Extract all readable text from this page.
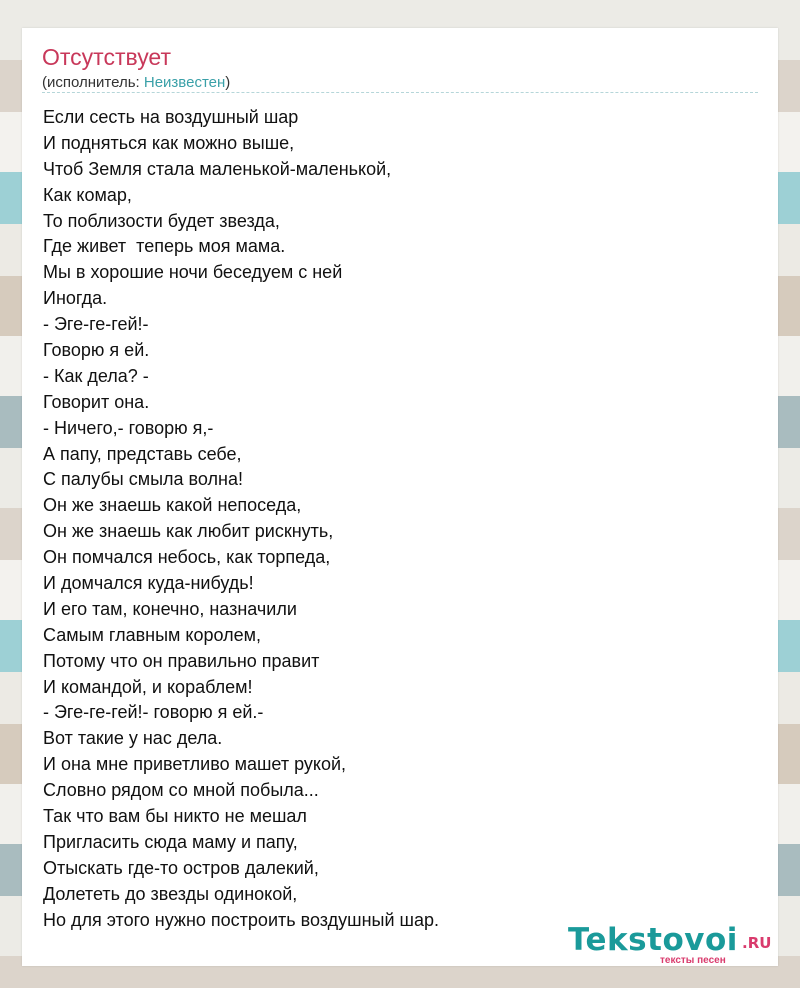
Отсутствует
(исполнитель: Неизвестен)
Если сесть на воздушный шар
И подняться как можно выше,
Чтоб Земля стала маленькой-маленькой,
Как комар,
То поблизости будет звезда,
Где живет  теперь моя мама.
Мы в хорошие ночи беседуем с ней
Иногда.
- Эге-ге-гей!-
Говорю я ей.
- Как дела? -
Говорит она.
- Ничего,- говорю я,-
А папу, представь себе,
С палубы смыла волна!
Он же знаешь какой непоседа,
Он же знаешь как любит рискнуть,
Он помчался небось, как торпеда,
И домчался куда-нибудь!
И его там, конечно, назначили
Самым главным королем,
Потому что он правильно правит
И командой, и кораблем!
- Эге-ге-гей!- говорю я ей.-
Вот такие у нас дела.
И она мне приветливо машет рукой,
Словно рядом со мной побыла...
Так что вам бы никто не мешал
Пригласить сюда маму и папу,
Отыскать где-то остров далекий,
Долететь до звезды одинокой,
Но для этого нужно построить воздушный шар.
Tekstovoi .RU
тексты песен
